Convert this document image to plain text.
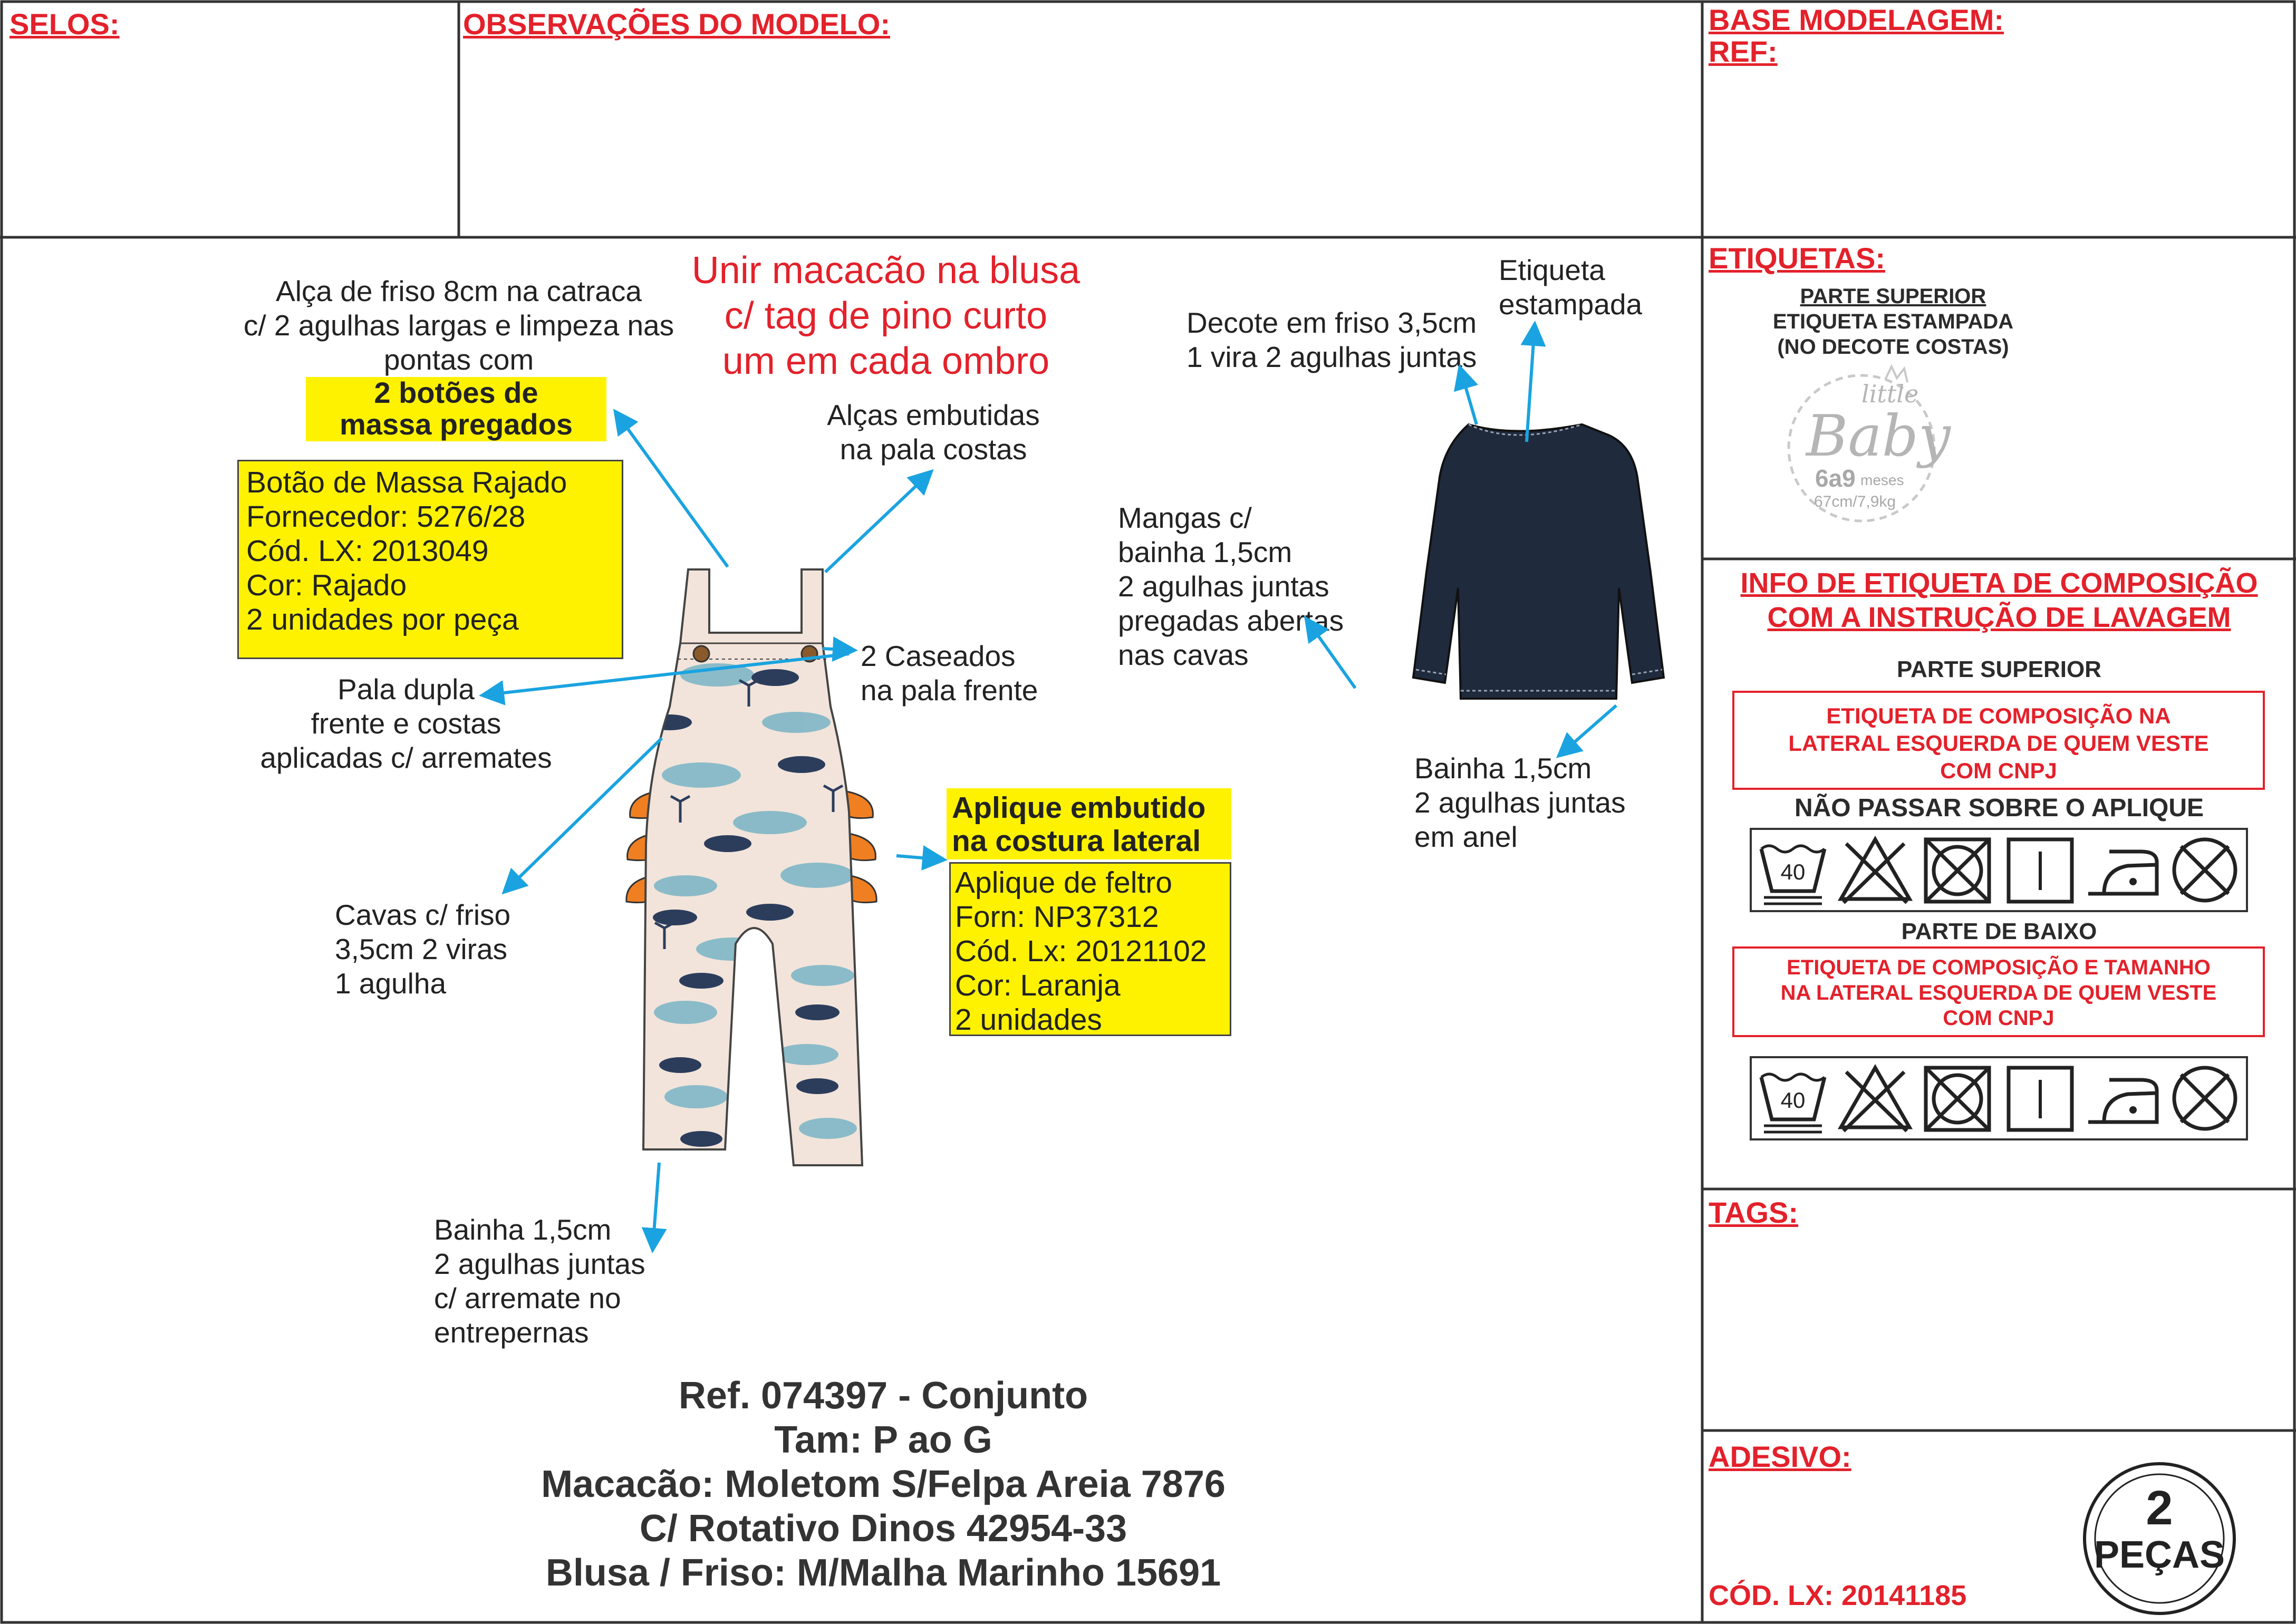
SELOS:	OBSERVAÇÕES DO MODELO:	BASE MODELAGEM:
REF:
ETIQUETAS:
PARTE SUPERIOR
ETIQUETA ESTAMPADA
(NO DECOTE COSTAS)
little
Baby
6a9 meses
67cm/7,9kg
INFO DE ETIQUETA DE COMPOSIÇÃO
COM A INSTRUÇÃO DE LAVAGEM
PARTE SUPERIOR
ETIQUETA DE COMPOSIÇÃO NA
LATERAL ESQUERDA DE QUEM VESTE
COM CNPJ
NÃO PASSAR SOBRE O APLIQUE
40
PARTE DE BAIXO
ETIQUETA DE COMPOSIÇÃO E TAMANHO
NA LATERAL ESQUERDA DE QUEM VESTE
COM CNPJ
40
TAGS:
ADESIVO:
CÓD. LX: 20141185
2
PEÇAS
Unir macacão na blusa
c/ tag de pino curto
um em cada ombro
Alça de friso 8cm na catraca
c/ 2 agulhas largas e limpeza nas
pontas com
2 botões de
massa pregados
Botão de Massa Rajado
Fornecedor: 5276/28
Cód. LX: 2013049
Cor: Rajado
2 unidades por peça
Alças embutidas
na pala costas
2 Caseados
na pala frente
Pala dupla
frente e costas
aplicadas c/ arremates
Aplique embutido
na costura lateral
Aplique de feltro
Forn: NP37312
Cód. Lx: 20121102
Cor: Laranja
2 unidades
Cavas c/ friso
3,5cm 2 viras
1 agulha
Bainha 1,5cm
2 agulhas juntas
c/ arremate no
entrepernas
Etiqueta
estampada
Decote em friso 3,5cm
1 vira 2 agulhas juntas
Mangas c/
bainha 1,5cm
2 agulhas juntas
pregadas abertas
nas cavas
Bainha 1,5cm
2 agulhas juntas
em anel
Ref. 074397 - Conjunto
Tam: P ao G
Macacão: Moletom S/Felpa Areia 7876
C/ Rotativo Dinos 42954-33
Blusa / Friso: M/Malha Marinho 15691
